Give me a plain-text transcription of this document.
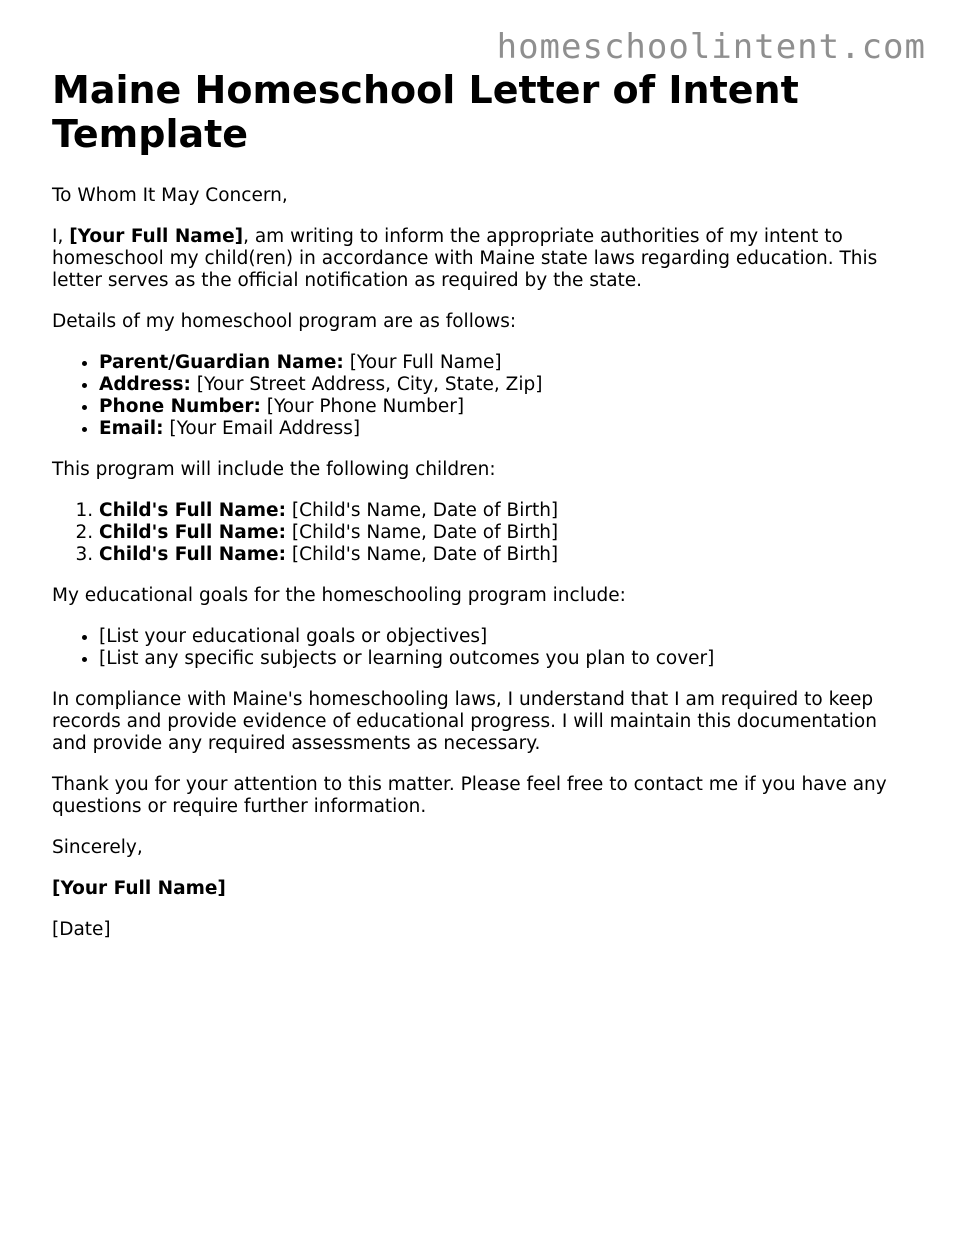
homeschoolintent.com
Maine Homeschool Letter of Intent Template

To Whom It May Concern,

I, [Your Full Name], am writing to inform the appropriate authorities of my intent to homeschool my child(ren) in accordance with Maine state laws regarding education. This letter serves as the official notification as required by the state.

Details of my homeschool program are as follows:

• Parent/Guardian Name: [Your Full Name]
• Address: [Your Street Address, City, State, Zip]
• Phone Number: [Your Phone Number]
• Email: [Your Email Address]

This program will include the following children:

1. Child's Full Name: [Child's Name, Date of Birth]
2. Child's Full Name: [Child's Name, Date of Birth]
3. Child's Full Name: [Child's Name, Date of Birth]

My educational goals for the homeschooling program include:

• [List your educational goals or objectives]
• [List any specific subjects or learning outcomes you plan to cover]

In compliance with Maine's homeschooling laws, I understand that I am required to keep records and provide evidence of educational progress. I will maintain this documentation and provide any required assessments as necessary.

Thank you for your attention to this matter. Please feel free to contact me if you have any questions or require further information.

Sincerely,

[Your Full Name]

[Date]
